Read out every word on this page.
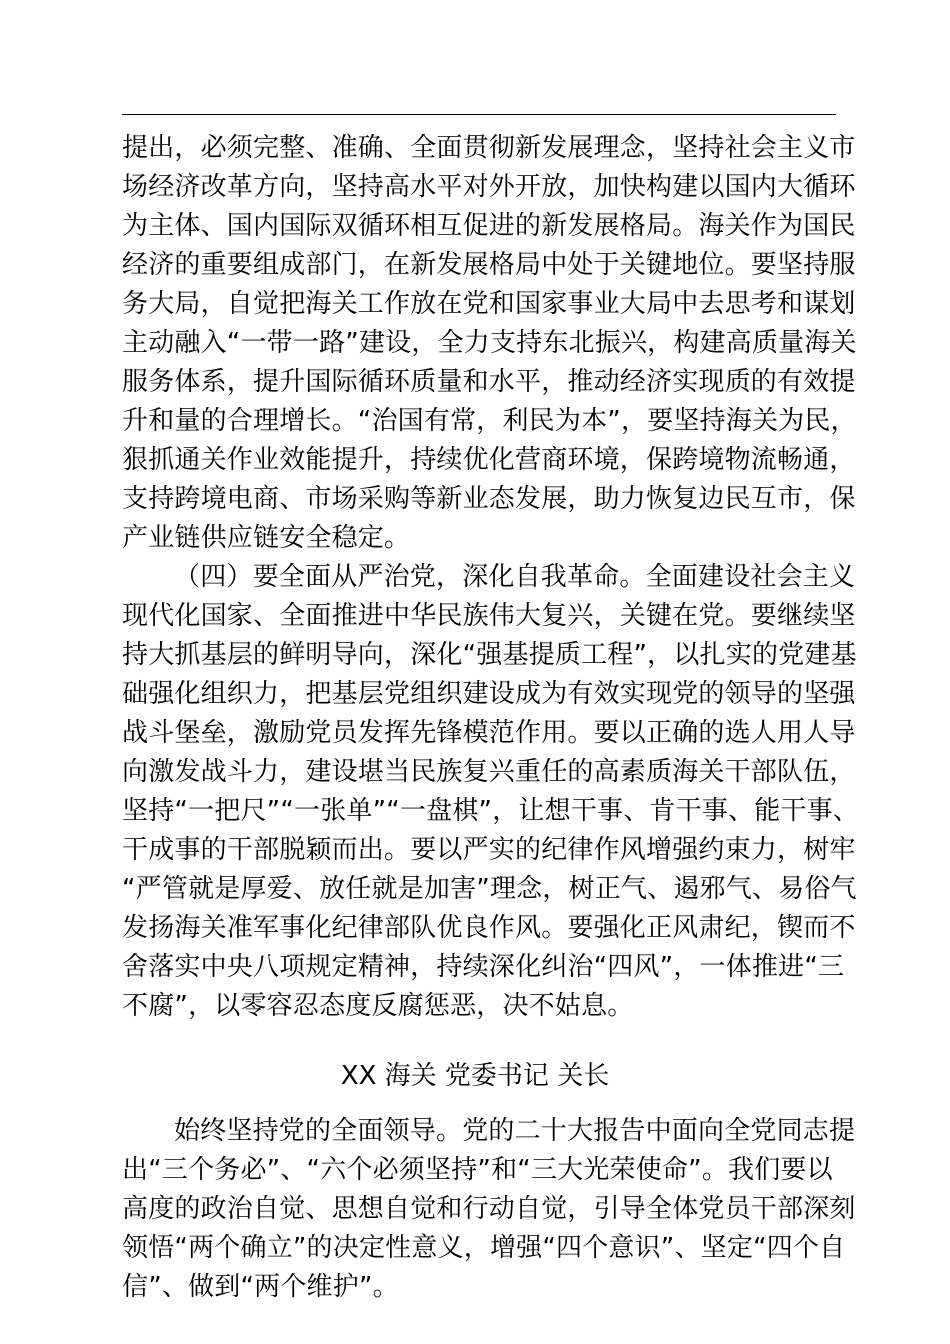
提出，必须完整、准确、全面贯彻新发展理念，坚持社会主义市
场经济改革方向，坚持高水平对外开放，加快构建以国内大循环
为主体、国内国际双循环相互促进的新发展格局。海关作为国民
经济的重要组成部门，在新发展格局中处于关键地位。要坚持服
务大局，自觉把海关工作放在党和国家事业大局中去思考和谋划
主动融入“一带一路”建设，全力支持东北振兴，构建高质量海关
服务体系，提升国际循环质量和水平，推动经济实现质的有效提
升和量的合理增长。“治国有常，利民为本”，要坚持海关为民，
狠抓通关作业效能提升，持续优化营商环境，保跨境物流畅通，
支持跨境电商、市场采购等新业态发展，助力恢复边民互市，保
产业链供应链安全稳定。
（四）要全面从严治党，深化自我革命。全面建设社会主义
现代化国家、全面推进中华民族伟大复兴，关键在党。要继续坚
持大抓基层的鲜明导向，深化“强基提质工程”，以扎实的党建基
础强化组织力，把基层党组织建设成为有效实现党的领导的坚强
战斗堡垒，激励党员发挥先锋模范作用。要以正确的选人用人导
向激发战斗力，建设堪当民族复兴重任的高素质海关干部队伍，
坚持“一把尺”“一张单”“一盘棋”，让想干事、肯干事、能干事、
干成事的干部脱颖而出。要以严实的纪律作风增强约束力，树牢
“严管就是厚爱、放任就是加害”理念，树正气、遏邪气、易俗气
发扬海关准军事化纪律部队优良作风。要强化正风肃纪，锲而不
舍落实中央八项规定精神，持续深化纠治“四风”，一体推进“三
不腐”，以零容忍态度反腐惩恶，决不姑息。
XX 海关 党委书记 关长
始终坚持党的全面领导。党的二十大报告中面向全党同志提
出“三个务必”、“六个必须坚持”和“三大光荣使命”。我们要以
高度的政治自觉、思想自觉和行动自觉，引导全体党员干部深刻
领悟“两个确立”的决定性意义，增强“四个意识”、坚定“四个自
信”、做到“两个维护”。
